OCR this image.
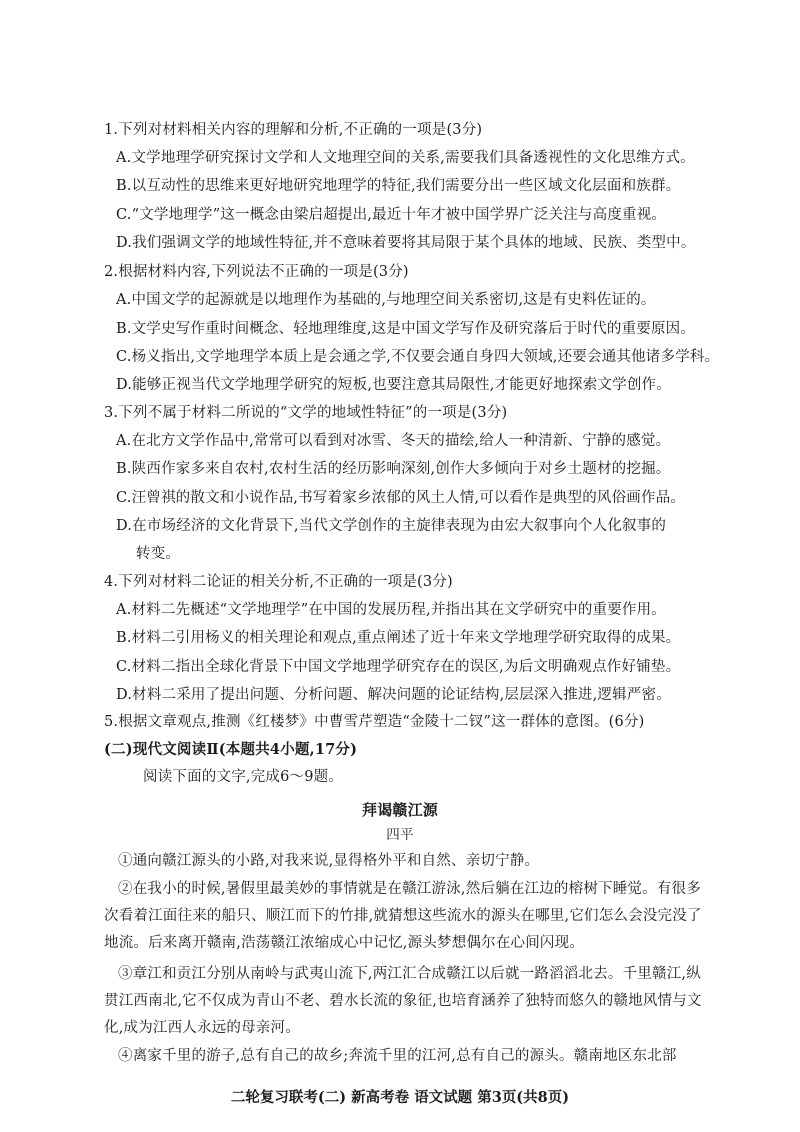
1.下列对材料相关内容的理解和分析,不正确的一项是(3分)
A.文学地理学研究探讨文学和人文地理空间的关系,需要我们具备透视性的文化思维方式。
B.以互动性的思维来更好地研究地理学的特征,我们需要分出一些区域文化层面和族群。
C.“文学地理学”这一概念由梁启超提出,最近十年才被中国学界广泛关注与高度重视。
D.我们强调文学的地域性特征,并不意味着要将其局限于某个具体的地域、民族、类型中。
2.根据材料内容,下列说法不正确的一项是(3分)
A.中国文学的起源就是以地理作为基础的,与地理空间关系密切,这是有史料佐证的。
B.文学史写作重时间概念、轻地理维度,这是中国文学写作及研究落后于时代的重要原因。
C.杨义指出,文学地理学本质上是会通之学,不仅要会通自身四大领域,还要会通其他诸多学科。
D.能够正视当代文学地理学研究的短板,也要注意其局限性,才能更好地探索文学创作。
3.下列不属于材料二所说的“文学的地域性特征”的一项是(3分)
A.在北方文学作品中,常常可以看到对冰雪、冬天的描绘,给人一种清新、宁静的感觉。
B.陕西作家多来自农村,农村生活的经历影响深刻,创作大多倾向于对乡土题材的挖掘。
C.汪曾祺的散文和小说作品,书写着家乡浓郁的风土人情,可以看作是典型的风俗画作品。
D.在市场经济的文化背景下,当代文学创作的主旋律表现为由宏大叙事向个人化叙事的
转变。
4.下列对材料二论证的相关分析,不正确的一项是(3分)
A.材料二先概述“文学地理学”在中国的发展历程,并指出其在文学研究中的重要作用。
B.材料二引用杨义的相关理论和观点,重点阐述了近十年来文学地理学研究取得的成果。
C.材料二指出全球化背景下中国文学地理学研究存在的误区,为后文明确观点作好铺垫。
D.材料二采用了提出问题、分析问题、解决问题的论证结构,层层深入推进,逻辑严密。
5.根据文章观点,推测《红楼梦》中曹雪芹塑造“金陵十二钗”这一群体的意图。(6分)
(二)现代文阅读Ⅱ(本题共4小题,17分)
阅读下面的文字,完成6～9题。
拜谒赣江源
四平
①通向赣江源头的小路,对我来说,显得格外平和自然、亲切宁静。
②在我小的时候,暑假里最美妙的事情就是在赣江游泳,然后躺在江边的榕树下睡觉。有很多次看着江面往来的船只、顺江而下的竹排,就猜想这些流水的源头在哪里,它们怎么会没完没了地流。后来离开赣南,浩荡赣江浓缩成心中记忆,源头梦想偶尔在心间闪现。
③章江和贡江分别从南岭与武夷山流下,两江汇合成赣江以后就一路滔滔北去。千里赣江,纵贯江西南北,它不仅成为青山不老、碧水长流的象征,也培育涵养了独特而悠久的赣地风情与文化,成为江西人永远的母亲河。
④离家千里的游子,总有自己的故乡;奔流千里的江河,总有自己的源头。赣南地区东北部
二轮复习联考(二) 新高考卷 语文试题 第3页(共8页)
